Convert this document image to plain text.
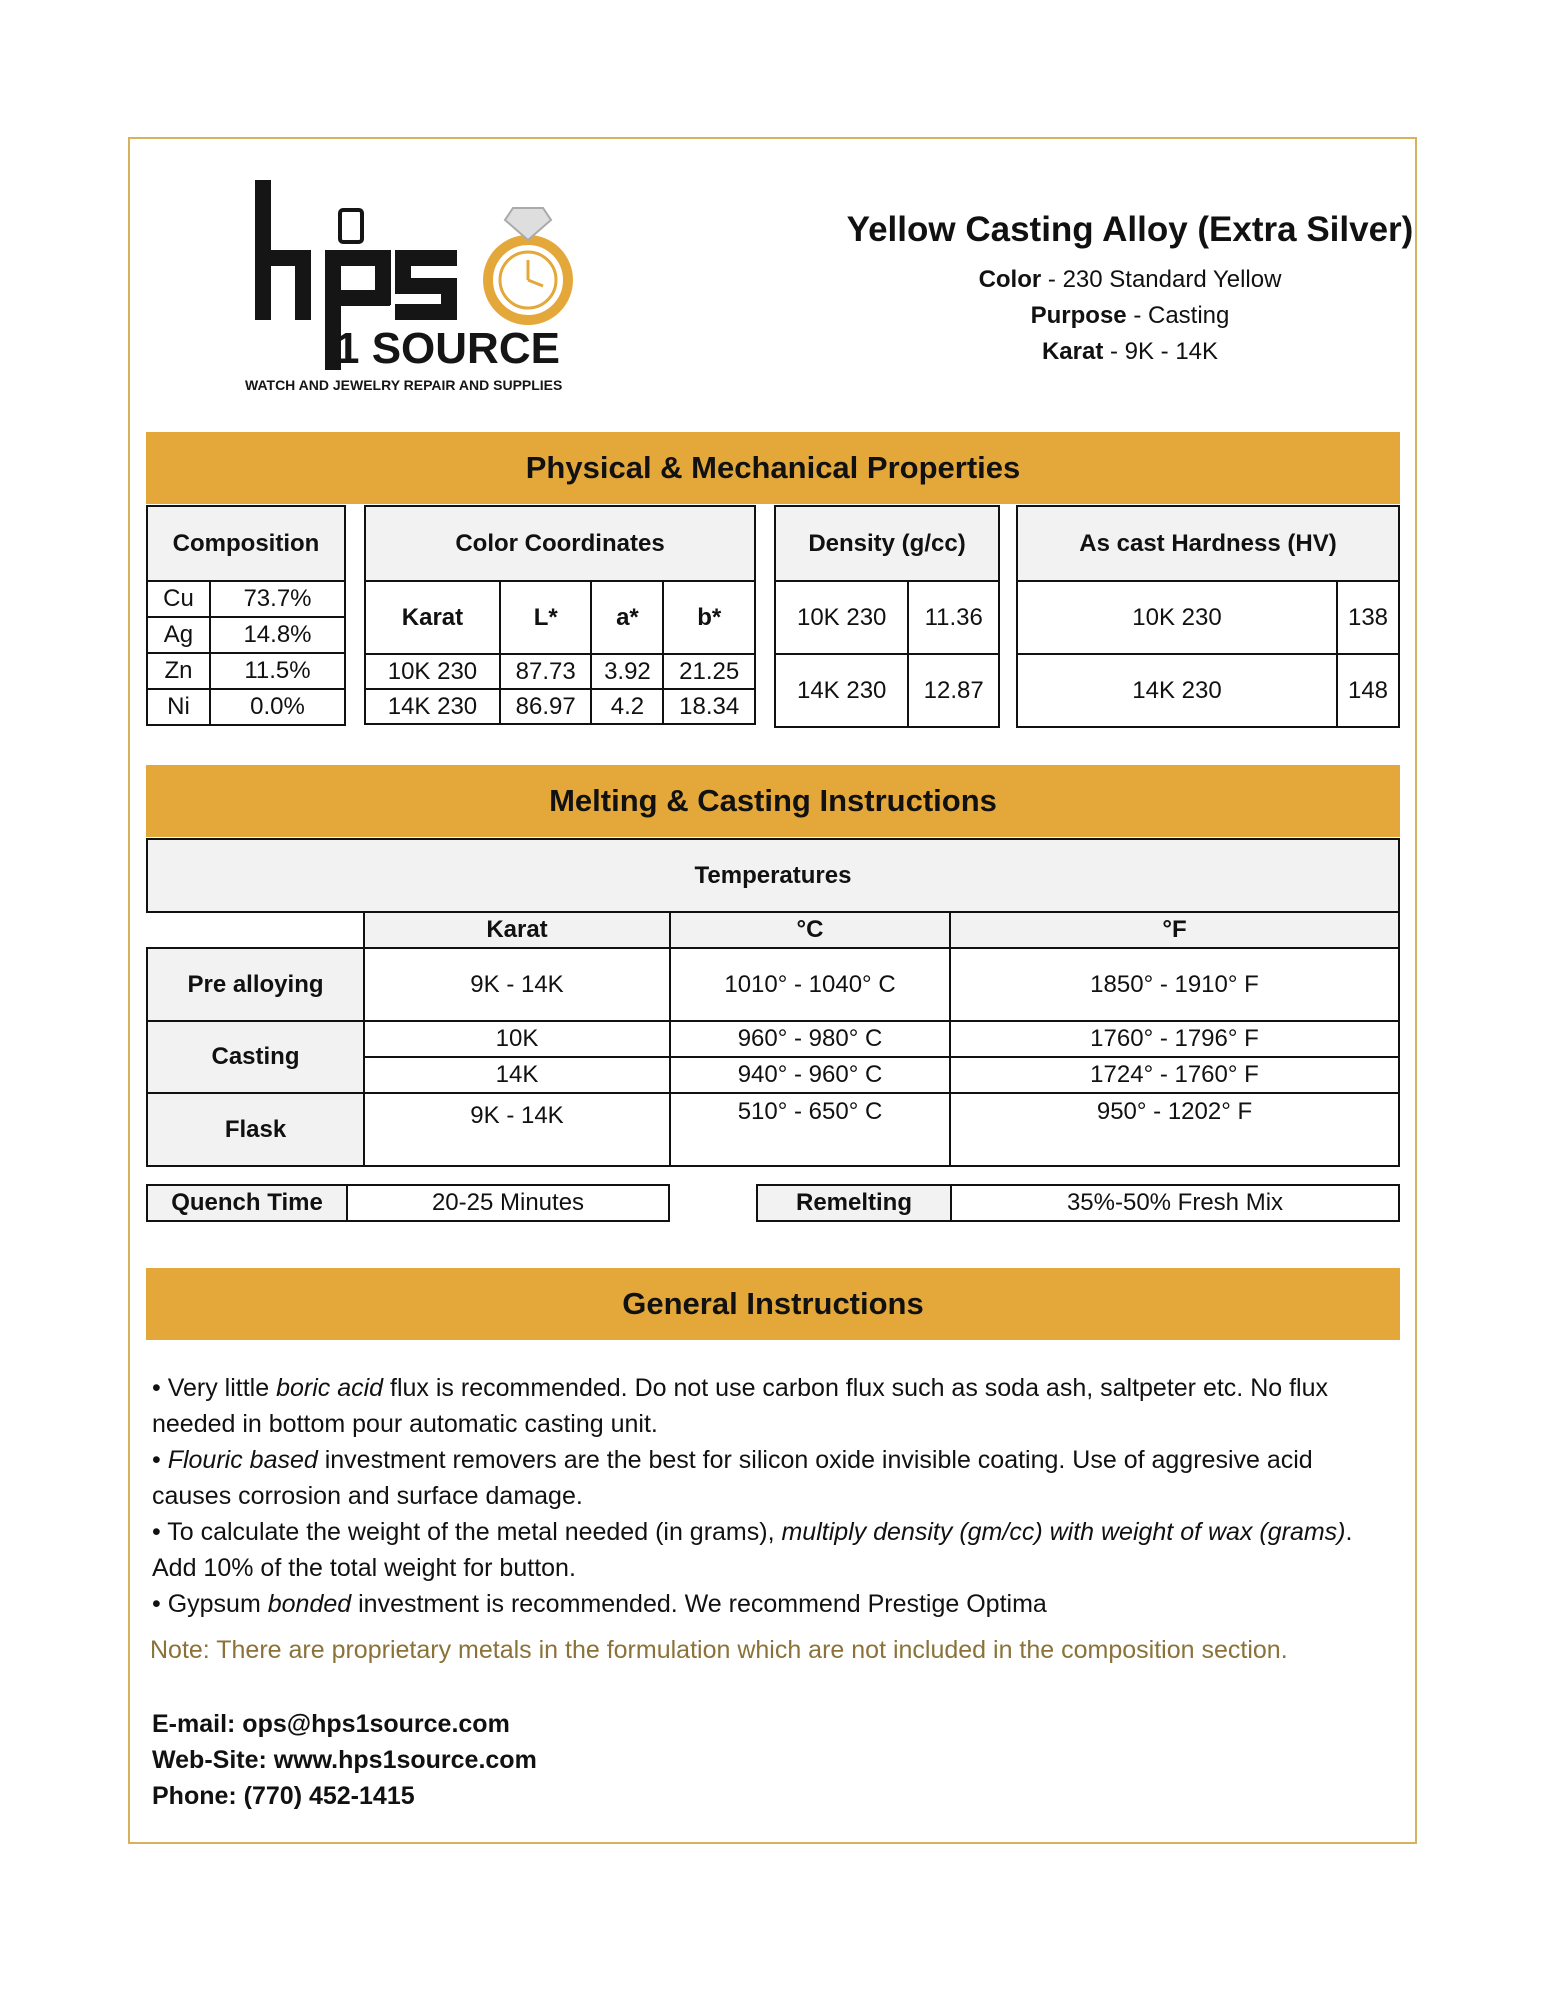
1 SOURCE
WATCH AND JEWELRY REPAIR AND SUPPLIES
Yellow Casting Alloy (Extra Silver)
Color - 230 Standard Yellow
Purpose - Casting
Karat - 9K - 14K
Physical & Mechanical Properties
Composition	
Cu	73.7%
Ag	14.8%
Zn	11.5%
Ni	0.0%
Color Coordinates			
Karat	L*	a*	b*
10K 230	87.73	3.92	21.25
14K 230	86.97	4.2	18.34
Density (g/cc)	
10K 230	11.36
14K 230	12.87
As cast Hardness (HV)	
10K 230	138
14K 230	148
Melting & Casting Instructions
Temperatures			
	Karat	°C	°F
Pre alloying	9K - 14K	1010° - 1040° C	1850° - 1910° F
Casting	10K	960° - 980° C	1760° - 1796° F
	14K	940° - 960° C	1724° - 1760° F
Flask	9K - 14K	510° - 650° C	950° - 1202° F
Quench Time	20-25 Minutes	Remelting	35%-50% Fresh Mix
General Instructions

• Very little boric acid flux is recommended. Do not use carbon flux such as soda ash, saltpeter etc. No flux needed in bottom pour automatic casting unit.

• Flouric based investment removers are the best for silicon oxide invisible coating. Use of aggresive acid causes corrosion and surface damage.

• To calculate the weight of the metal needed (in grams), multiply density (gm/cc) with weight of wax (grams). Add 10% of the total weight for button.

• Gypsum bonded investment is recommended. We recommend Prestige Optima

Note: There are proprietary metals in the formulation which are not included in the composition section.
E-mail: ops@hps1source.com
Web-Site: www.hps1source.com
Phone: (770) 452-1415
